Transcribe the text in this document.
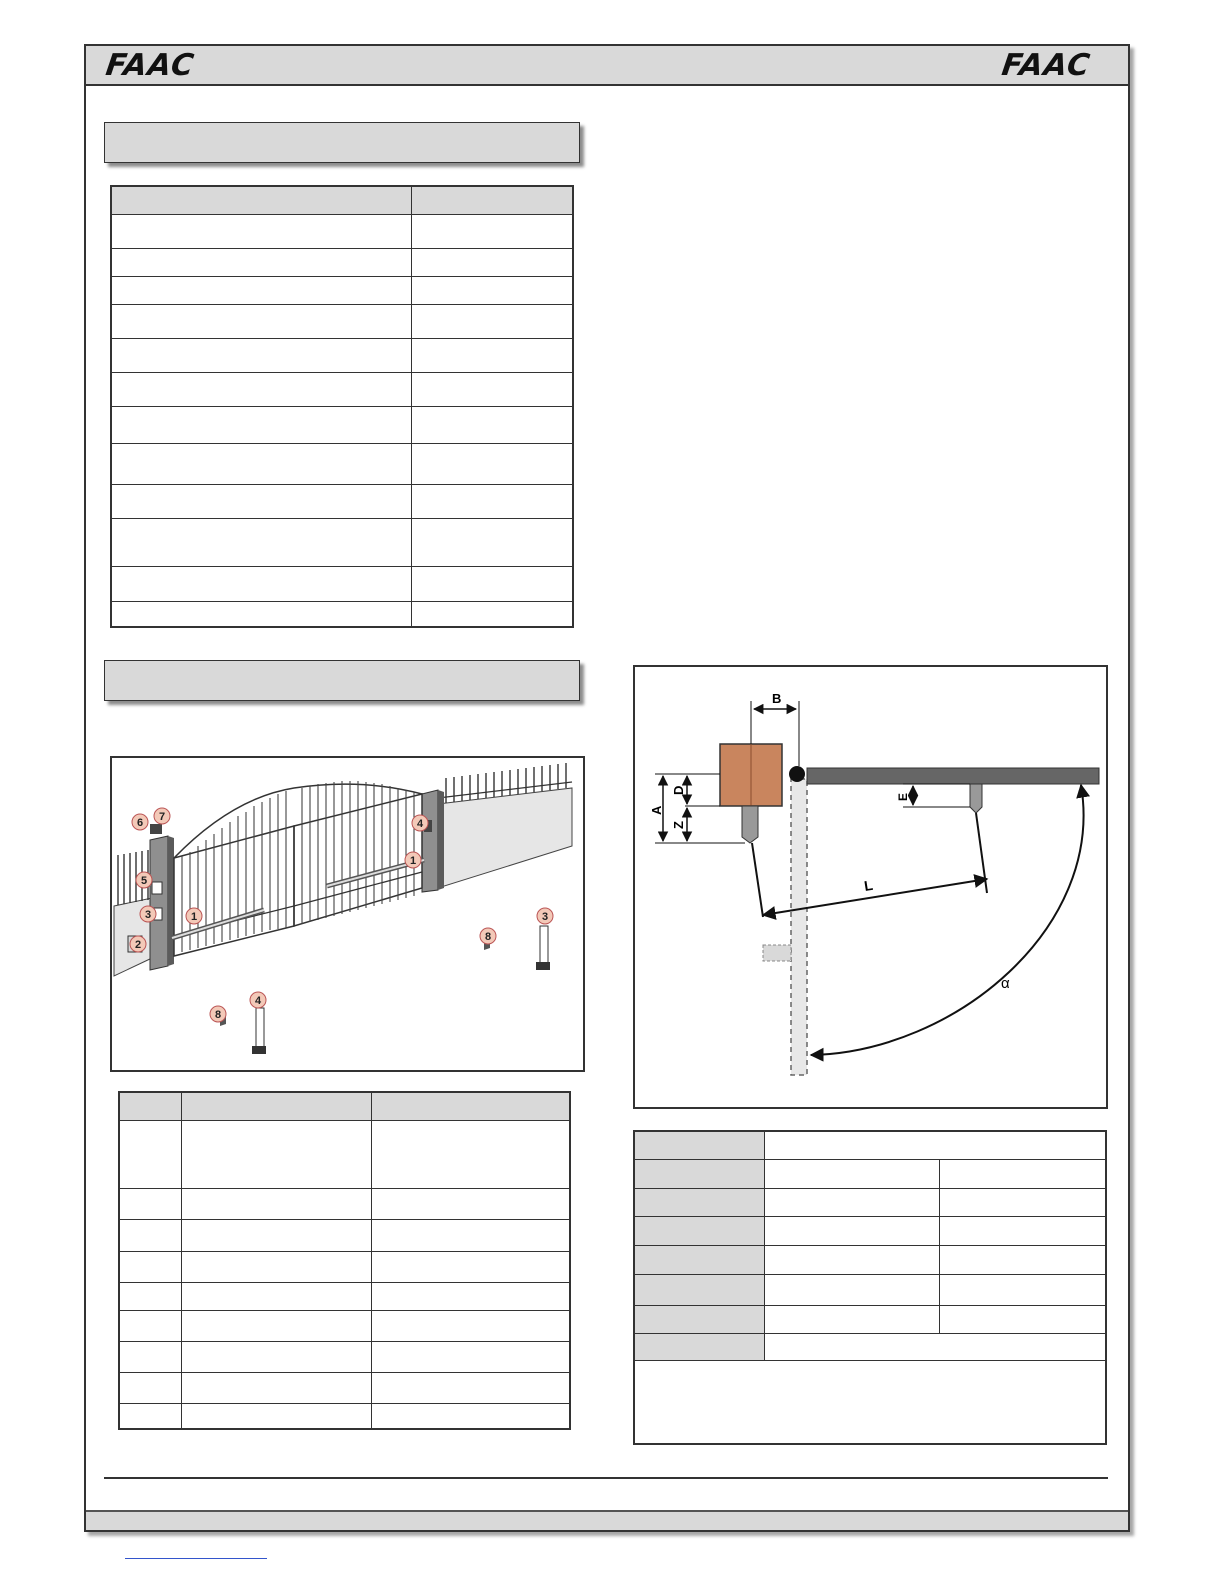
FAAC	FAAC

1
1
2
3	3
4
4
5
6 7
8
8

L
B
A
D
Z
E
α
